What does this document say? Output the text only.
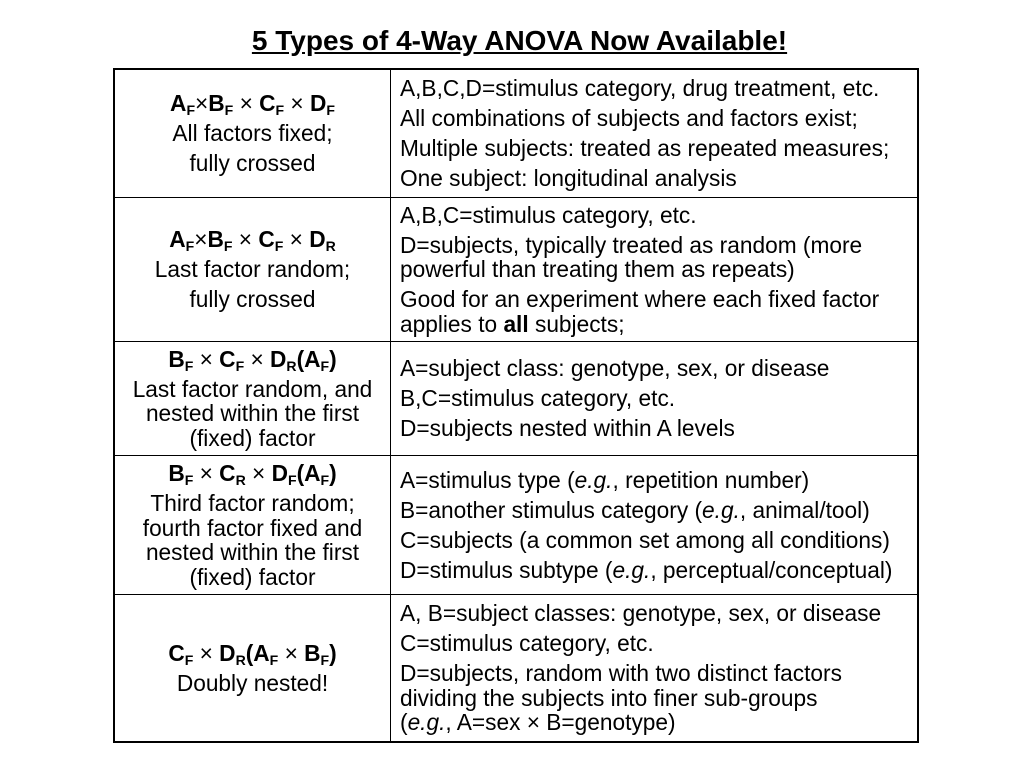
5 Types of 4-Way ANOVA Now Available!

$A_F\times B_F \times C_F \times D_F$

All factors fixed;

fully crossed

A,B,C,D=stimulus category, drug treatment, etc.

All combinations of subjects and factors exist;

Multiple subjects: treated as repeated measures;

One subject: longitudinal analysis

$A_F\times B_F \times C_F \times D_R$

Last factor random;

fully crossed

A,B,C=stimulus category, etc.

D=subjects, typically treated as random (more powerful than treating them as repeats)

Good for an experiment where each fixed factor applies to all subjects;

$B_F \times C_F \times D_R(A_F)$

Last factor random, and nested within the first (fixed) factor

A=subject class: genotype, sex, or disease

B,C=stimulus category, etc.

D=subjects nested within A levels

$B_F \times C_R \times D_F(A_F)$

Third factor random; fourth factor fixed and nested within the first (fixed) factor

A=stimulus type (e.g., repetition number)

B=another stimulus category (e.g., animal/tool)

C=subjects (a common set among all conditions)

D=stimulus subtype (e.g., perceptual/conceptual)

$C_F \times D_R(A_F \times B_F)$

Doubly nested!

A, B=subject classes: genotype, sex, or disease

C=stimulus category, etc.

D=subjects, random with two distinct factors dividing the subjects into finer sub-groups
(e.g., A=sex × B=genotype)
